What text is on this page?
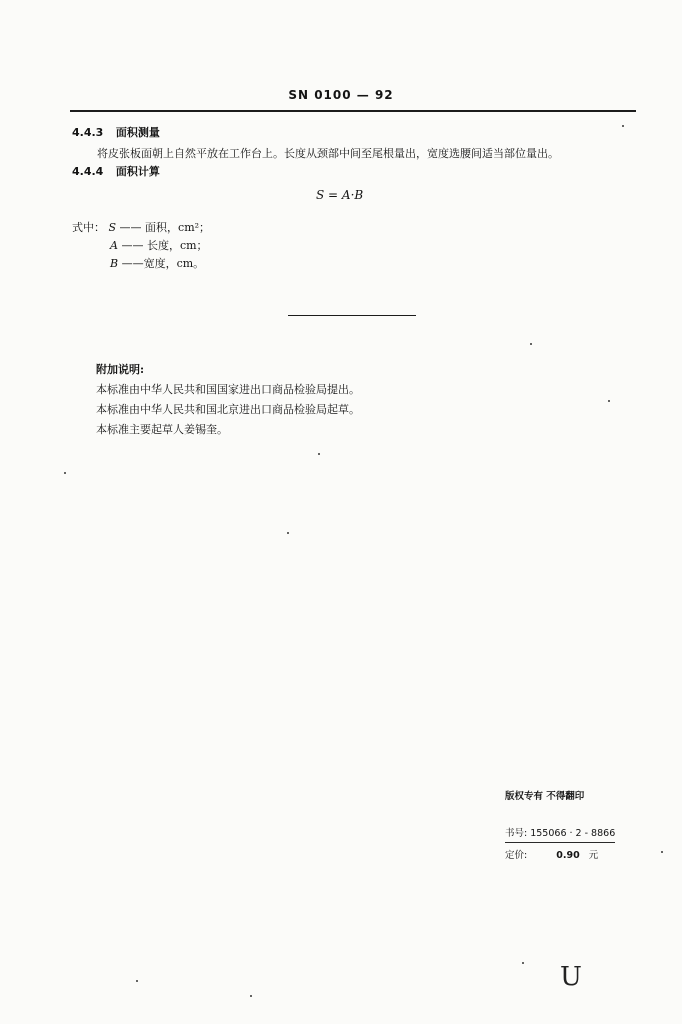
SN 0100 — 92
4.4.3 面积测量
将皮张板面朝上自然平放在工作台上。长度从颈部中间至尾根量出，宽度选腰间适当部位量出。
4.4.4 面积计算
S = A·B
式中： S —— 面积，cm²；
A —— 长度，cm；
B ——宽度，cm。
附加说明:
本标准由中华人民共和国国家进出口商品检验局提出。
本标准由中华人民共和国北京进出口商品检验局起草。
本标准主要起草人姜锡奎。
版权专有 不得翻印
书号: 155066 · 2 - 8866
定价:	0.90 元
U
